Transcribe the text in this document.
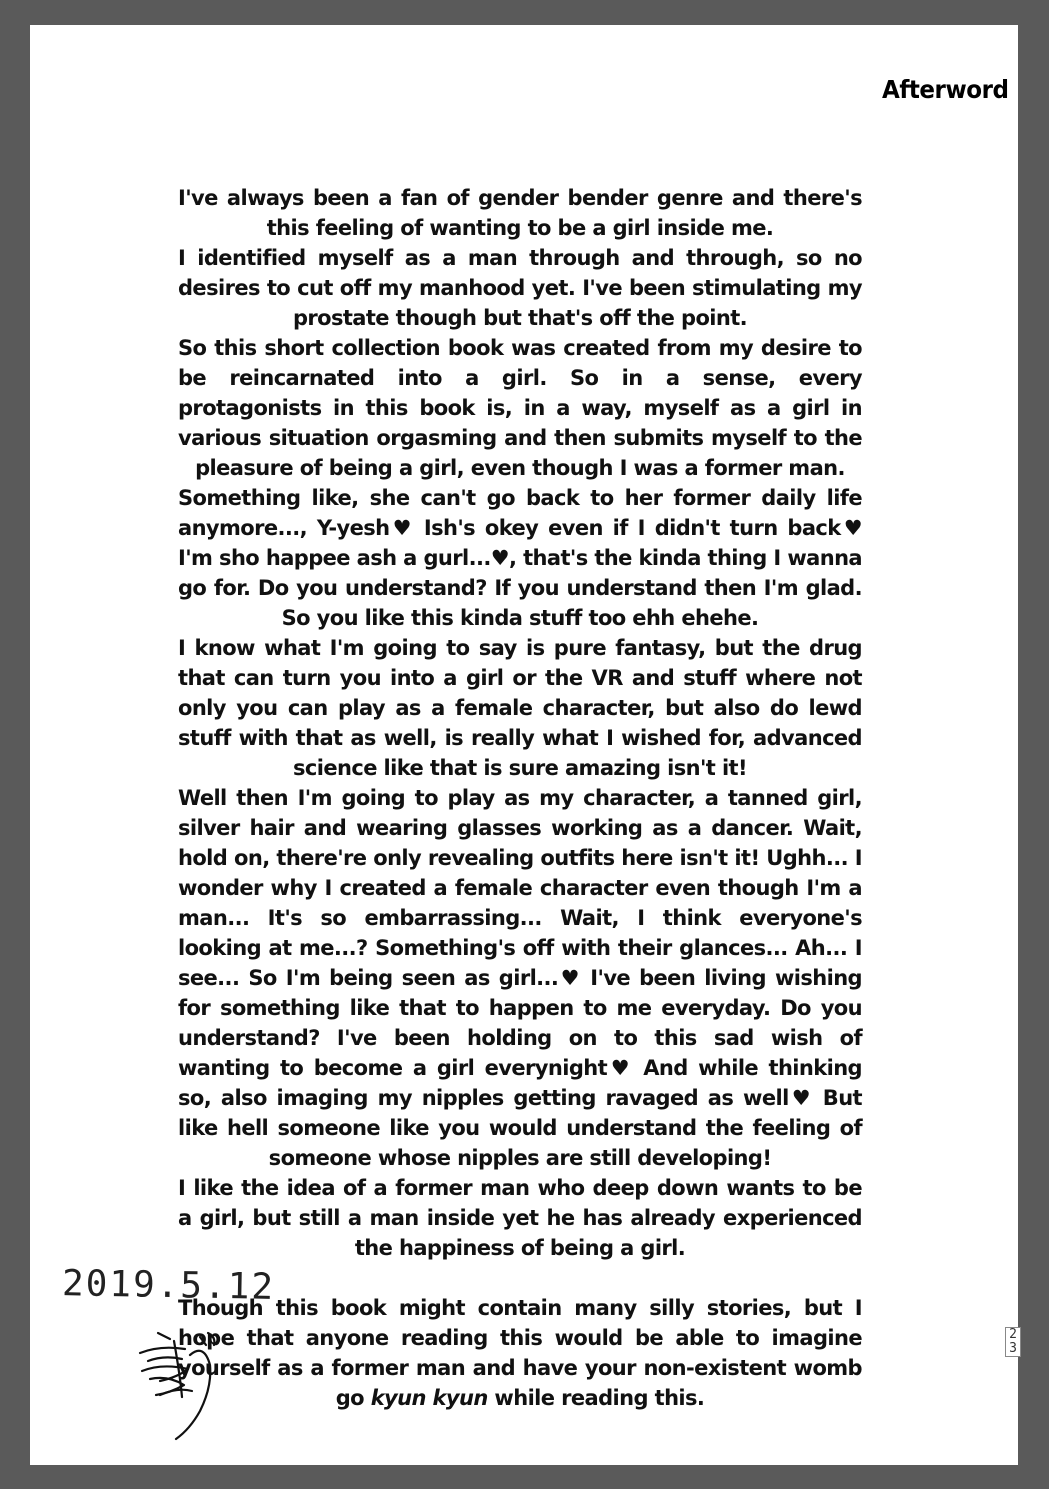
Afterword

I've always been a fan of gender bender genre and there's this feeling of wanting to be a girl inside me.

I identified myself as a man through and through, so no desires to cut off my manhood yet. I've been stimulating my prostate though but that's off the point.

So this short collection book was created from my desire to be reincarnated into a girl. So in a sense, every protagonists in this book is, in a way, myself as a girl in various situation orgasming and then submits myself to the pleasure of being a girl, even though I was a former man.

Something like, she can't go back to her former daily life anymore..., Y-yesh♥ Ish's okey even if I didn't turn back♥ I'm sho happee ash a gurl...♥, that's the kinda thing I wanna go for. Do you understand? If you understand then I'm glad. So you like this kinda stuff too ehh ehehe.

I know what I'm going to say is pure fantasy, but the drug that can turn you into a girl or the VR and stuff where not only you can play as a female character, but also do lewd stuff with that as well, is really what I wished for, advanced science like that is sure amazing isn't it!

Well then I'm going to play as my character, a tanned girl, silver hair and wearing glasses working as a dancer. Wait, hold on, there're only revealing outfits here isn't it! Ughh... I wonder why I created a female character even though I'm a man... It's so embarrassing... Wait, I think everyone's looking at me...? Something's off with their glances... Ah... I see... So I'm being seen as girl...♥ I've been living wishing for something like that to happen to me everyday. Do you understand? I've been holding on to this sad wish of wanting to become a girl everynight♥ And while thinking so, also imaging my nipples getting ravaged as well♥ But like hell someone like you would understand the feeling of someone whose nipples are still developing!

I like the idea of a former man who deep down wants to be a girl, but still a man inside yet he has already experienced the happiness of being a girl.

Though this book might contain many silly stories, but I hope that anyone reading this would be able to imagine yourself as a former man and have your non-existent womb go kyun kyun while reading this.

2019.5.12
2
3
